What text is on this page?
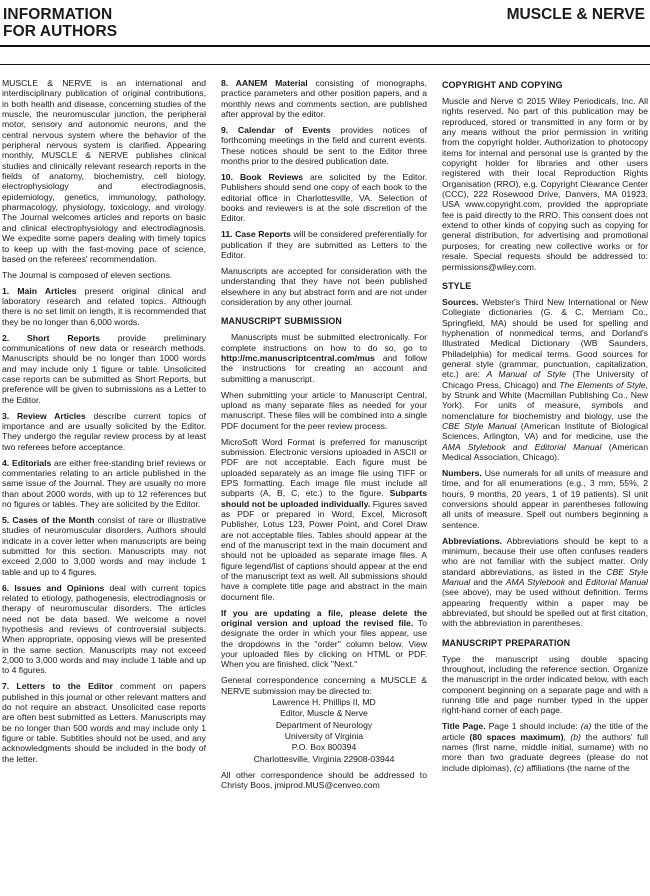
INFORMATION
FOR AUTHORS
MUSCLE & NERVE

MUSCLE & NERVE is an international and interdisciplinary publication of original contributions, in both health and disease, concerning studies of the muscle, the neuromuscular junction, the peripheral motor, sensory and autonomic neurons, and the central nervous system where the behavior of the peripheral nervous system is clarified. Appearing monthly, MUSCLE & NERVE publishes clinical studies and clinically relevant research reports in the fields of anatomy, biochemistry, cell biology, electrophysiology and electrodiagnosis, epidemiology, genetics, immunology, pathology, pharmacology, physiology, toxicology, and virology. The Journal welcomes articles and reports on basic and clinical electrophysiology and electrodiagnosis. We expedite some papers dealing with timely topics to keep up with the fast-moving pace of science, based on the referees' recommendation.

The Journal is composed of eleven sections.

1. Main Articles present original clinical and laboratory research and related topics. Although there is no set limit on length, it is recommended that they be no longer than 6,000 words.

2. Short Reports provide preliminary communications of new data or research methods. Manuscripts should be no longer than 1000 words and may include only 1 figure or table. Unsolicited case reports can be submitted as Short Reports, but preference will be given to submissions as a Letter to the Editor.

3. Review Articles describe current topics of importance and are usually solicited by the Editor. They undergo the regular review process by at least two referees before acceptance.

4. Editorials are either free-standing brief reviews or commentaries relating to an article published in the same issue of the Journal. They are usually no more than about 2000 words, with up to 12 references but no figures or tables. They are solicited by the Editor.

5. Cases of the Month consist of rare or illustrative studies of neuromuscular disorders. Authors should indicate in a cover letter when manuscripts are being submitted for this section. Manuscripts may not exceed 2,000 to 3,000 words and may include 1 table and up to 4 figures.

6. Issues and Opinions deal with current topics related to etiology, pathogenesis, electrodiagnosis or therapy of neuromuscular disorders. The articles need not be data based. We welcome a novel hypothesis and reviews of controversial subjects. When appropriate, opposing views will be presented in the same section. Manuscripts may not exceed 2,000 to 3,000 words and may include 1 table and up to 4 figures.

7. Letters to the Editor comment on papers published in this journal or other relevant matters and do not require an abstract. Unsolicited case reports are often best submitted as Letters. Manuscripts may be no longer than 500 words and may include only 1 figure or table. Subtitles should not be used, and any acknowledgments should be included in the body of the letter.

8. AANEM Material consisting of monographs, practice parameters and other position papers, and a monthly news and comments section, are published after approval by the editor.

9. Calendar of Events provides notices of forthcoming meetings in the field and current events. These notices should be sent to the Editor three months prior to the desired publication date.

10. Book Reviews are solicited by the Editor. Publishers should send one copy of each book to the editorial office in Charlottesville, VA. Selection of books and reviewers is at the sole discretion of the Editor.

11. Case Reports will be considered preferentially for publication if they are submitted as Letters to the Editor.

Manuscripts are accepted for consideration with the understanding that they have not been published elsewhere in any but abstract form and are not under consideration by any other journal.

MANUSCRIPT SUBMISSION

Manuscripts must be submitted electronically. For complete instructions on how to do so, go to http://mc.manuscriptcentral.com/mus and follow the instructions for creating an account and submitting a manuscript.

When submitting your article to Manuscript Central, upload as many separate files as needed for your manuscript. These files will be combined into a single PDF document for the peer review process.

MicroSoft Word Format is preferred for manuscript submission. Electronic versions uploaded in ASCII or PDF are not acceptable. Each figure must be uploaded separately as an image file using TIFF or EPS formatting. Each image file must include all subparts (A, B, C, etc.) to the figure. Subparts should not be uploaded individually. Figures saved as PDF or prepared in Word, Excel, Microsoft Publisher, Lotus 123, Power Point, and Corel Draw are not acceptable files. Tables should appear at the end of the manuscript text in the main document and should not be uploaded as separate image files. A figure legend/list of captions should appear at the end of the manuscript text as well. All submissions should have a complete title page and abstract in the main document file.

If you are updating a file, please delete the original version and upload the revised file. To designate the order in which your files appear, use the dropdowns in the ''order'' column below. View your uploaded files by clicking on HTML or PDF. When you are finished, click ''Next.''

General correspondence concerning a MUSCLE & NERVE submission may be directed to:

Lawrence H. Phillips II, MD

Editor, Muscle & Nerve

Department of Neurology

University of Virginia

P.O. Box 800394

Charlottesville, Virginia 22908-03944

All other correspondence should be addressed to Christy Boos, jmiprod.MUS@cenveo.com

COPYRIGHT AND COPYING

Muscle and Nerve © 2015 Wiley Periodicals, Inc. All rights reserved. No part of this publication may be reproduced, stored or transmitted in any form or by any means without the prior permission in writing from the copyright holder. Authorization to photocopy items for internal and personal use is granted by the copyright holder for libraries and other users registered with their local Reproduction Rights Organisation (RRO), e.g. Copyright Clearance Center (CCC), 222 Rosewood Drive, Danvers, MA 01923, USA www.copyright.com, provided the appropriate fee is paid directly to the RRO. This consent does not extend to other kinds of copying such as copying for general distribution, for advertising and promotional purposes, for creating new collective works or for resale. Special requests should be addressed to: permissions@wiley.com.

STYLE

Sources. Webster's Third New International or New Collegiate dictionaries (G. & C. Merriam Co., Springfield, MA) should be used for spelling and hyphenation of nonmedical terms, and Dorland's Illustrated Medical Dictionary (WB Saunders, Philadelphia) for medical terms. Good sources for general style (grammar, punctuation, capitalization, etc.) are: A Manual of Style (The University of Chicago Press, Chicago) and The Elements of Style, by Strunk and White (Macmillan Publishing Co., New York). For units of measure, symbols and nomenclature for biochemistry and biology, use the CBE Style Manual (American Institute of Biological Sciences, Arlington, VA) and for medicine, use the AMA Stylebook and Editorial Manual (American Medical Association, Chicago).

Numbers. Use numerals for all units of measure and time, and for all enumerations (e.g., 3 mm, 55%, 2 hours, 9 months, 20 years, 1 of 19 patients). SI unit conversions should appear in parentheses following all units of measure. Spell out numbers beginning a sentence.

Abbreviations. Abbreviations should be kept to a minimum, because their use often confuses readers who are not familiar with the subject matter. Only standard abbreviations, as listed in the CBE Style Manual and the AMA Stylebook and Editorial Manual (see above), may be used without definition. Terms appearing frequently within a paper may be abbreviated, but should be spelled out at first citation, with the abbreviation in parentheses.

MANUSCRIPT PREPARATION

Type the manuscript using double spacing throughout, including the reference section. Organize the manuscript in the order indicated below, with each component beginning on a separate page and with a running title and page number typed in the upper right-hand corner of each page.

Title Page. Page 1 should include: (a) the title of the article (80 spaces maximum), (b) the authors' full names (first name, middle initial, surname) with no more than two graduate degrees (please do not include diplomas), (c) affiliations (the name of the
